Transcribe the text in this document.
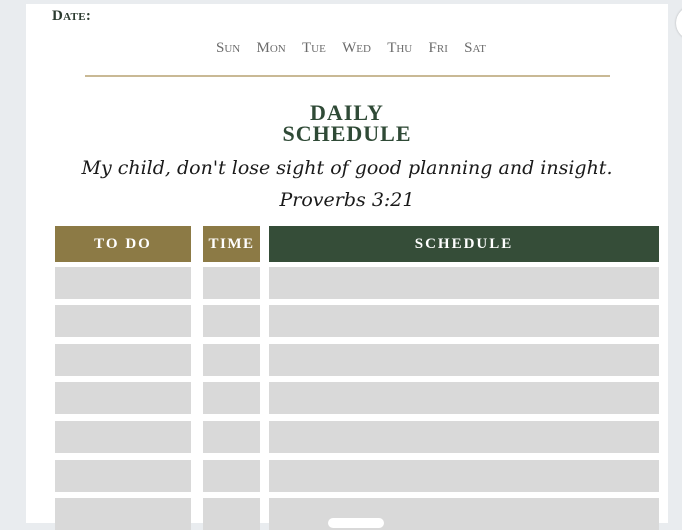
Date:
Sun Mon Tue Wed Thu Fri Sat
DAILY
SCHEDULE
My child, don't lose sight of good planning and insight.
Proverbs 3:21
TO DO	TIME	SCHEDULE
